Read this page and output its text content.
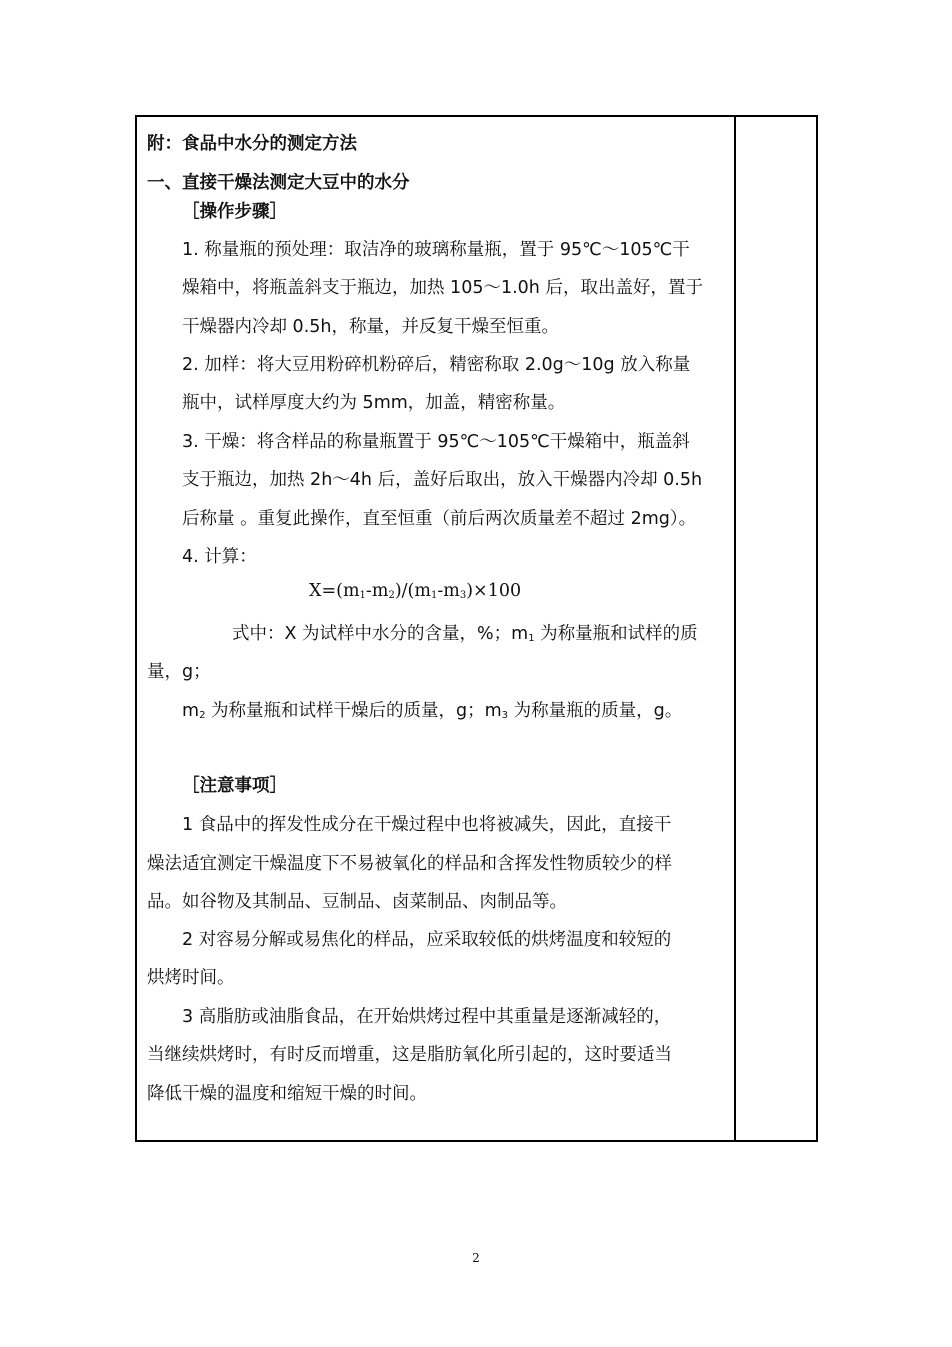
附：食品中水分的测定方法
一、直接干燥法测定大豆中的水分
［操作步骤］
1. 称量瓶的预处理：取洁净的玻璃称量瓶，置于 95℃～105℃干
燥箱中，将瓶盖斜支于瓶边，加热 105～1.0h 后，取出盖好，置于
干燥器内冷却 0.5h，称量，并反复干燥至恒重。
2. 加样：将大豆用粉碎机粉碎后，精密称取 2.0g～10g 放入称量
瓶中，试样厚度大约为 5mm，加盖，精密称量。
3. 干燥：将含样品的称量瓶置于 95℃～105℃干燥箱中，瓶盖斜
支于瓶边，加热 2h～4h 后，盖好后取出，放入干燥器内冷却 0.5h
后称量 。重复此操作，直至恒重（前后两次质量差不超过 2mg）。
4. 计算：
$X=(m_1-m_2)/(m_1-m_3)\times 100$
式中：X 为试样中水分的含量，%；$m_1$ 为称量瓶和试样的质
量，g；
$m_2$ 为称量瓶和试样干燥后的质量，g；$m_3$ 为称量瓶的质量，g。
［注意事项］
1 食品中的挥发性成分在干燥过程中也将被减失，因此，直接干
燥法适宜测定干燥温度下不易被氧化的样品和含挥发性物质较少的样
品。如谷物及其制品、豆制品、卤菜制品、肉制品等。
2 对容易分解或易焦化的样品，应采取较低的烘烤温度和较短的
烘烤时间。
3 高脂肪或油脂食品，在开始烘烤过程中其重量是逐渐减轻的，
当继续烘烤时，有时反而增重，这是脂肪氧化所引起的，这时要适当
降低干燥的温度和缩短干燥的时间。
2
